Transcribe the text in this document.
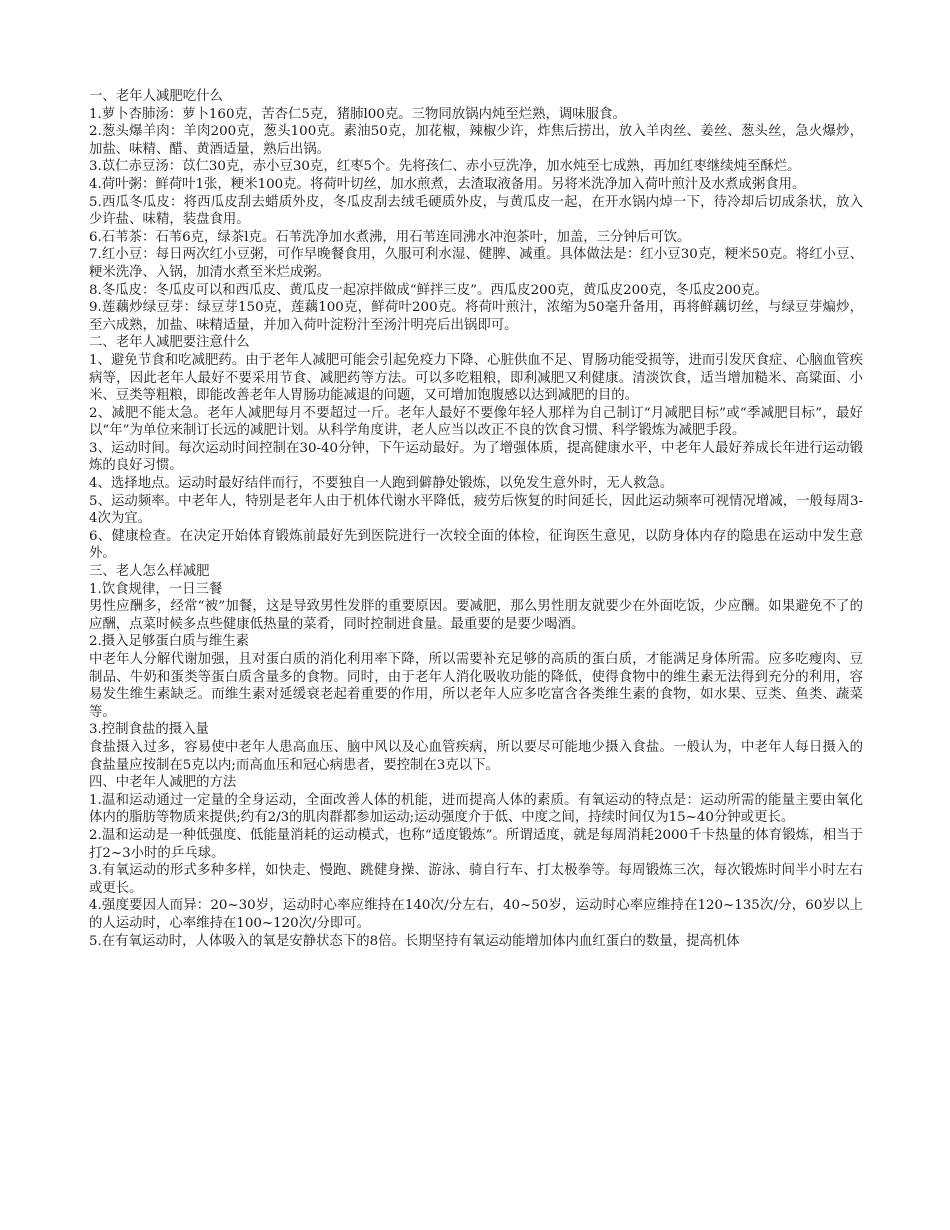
一、老年人减肥吃什么

1.萝卜杏肺汤：萝卜160克，苦杏仁5克，猪肺l00克。三物同放锅内炖至烂熟，调味服食。

2.葱头爆羊肉：羊肉200克，葱头100克。素油50克，加花椒，辣椒少许，炸焦后捞出，放入羊肉丝、姜丝、葱头丝，急火爆炒，加盐、味精、醋、黄酒适量，熟后出锅。

3.苡仁赤豆汤：苡仁30克，赤小豆30克，红枣5个。先将孩仁、赤小豆洗净，加水炖至七成熟，再加红枣继续炖至酥烂。

4.荷叶粥：鲜荷叶1张，粳米100克。将荷叶切丝，加水煎煮，去渣取液备用。另将米洗净加入荷叶煎汁及水煮成粥食用。

5.西瓜冬瓜皮：将西瓜皮刮去蜡质外皮，冬瓜皮刮去绒毛硬质外皮，与黄瓜皮一起，在开水锅内焯一下，待冷却后切成条状，放入少许盐、味精，装盘食用。

6.石苇茶：石苇6克，绿茶l克。石苇洗净加水煮沸，用石苇连同沸水冲泡茶叶，加盖，三分钟后可饮。

7.红小豆：每日两次红小豆粥，可作早晚餐食用，久服可利水湿、健脾、减重。具体做法是：红小豆30克，粳米50克。将红小豆、粳米洗净、入锅，加清水煮至米烂成粥。

8.冬瓜皮：冬瓜皮可以和西瓜皮、黄瓜皮一起凉拌做成“鲜拌三皮”。西瓜皮200克，黄瓜皮200克，冬瓜皮200克。

9.莲藕炒绿豆芽：绿豆芽150克，莲藕100克，鲜荷叶200克。将荷叶煎汁，浓缩为50毫升备用，再将鲜藕切丝，与绿豆芽煸炒，至六成熟，加盐、味精适量，并加入荷叶淀粉汁至汤汁明亮后出锅即可。

二、老年人减肥要注意什么

1、避免节食和吃减肥药。由于老年人减肥可能会引起免疫力下降、心脏供血不足、胃肠功能受损等，进而引发厌食症、心脑血管疾病等，因此老年人最好不要采用节食、减肥药等方法。可以多吃粗粮，即利减肥又利健康。清淡饮食，适当增加糙米、高粱面、小米、豆类等粗粮，即能改善老年人胃肠功能减退的问题，又可增加饱腹感以达到减肥的目的。

2、减肥不能太急。老年人减肥每月不要超过一斤。老年人最好不要像年轻人那样为自己制订“月减肥目标”或“季减肥目标”，最好以“年”为单位来制订长远的减肥计划。从科学角度讲，老人应当以改正不良的饮食习惯、科学锻炼为减肥手段。

3、运动时间。每次运动时间控制在30-40分钟，下午运动最好。为了增强体质，提高健康水平，中老年人最好养成长年进行运动锻炼的良好习惯。

4、选择地点。运动时最好结伴而行，不要独自一人跑到僻静处锻炼，以免发生意外时，无人救急。

5、运动频率。中老年人，特别是老年人由于机体代谢水平降低，疲劳后恢复的时间延长，因此运动频率可视情况增减，一般每周3-4次为宜。

6、健康检查。在决定开始体育锻炼前最好先到医院进行一次较全面的体检，征询医生意见，以防身体内存的隐患在运动中发生意外。

三、老人怎么样减肥

1.饮食规律，一日三餐

男性应酬多，经常“被”加餐，这是导致男性发胖的重要原因。要减肥，那么男性朋友就要少在外面吃饭，少应酬。如果避免不了的应酬，点菜时候多点些健康低热量的菜肴，同时控制进食量。最重要的是要少喝酒。

2.摄入足够蛋白质与维生素

中老年人分解代谢加强，且对蛋白质的消化利用率下降，所以需要补充足够的高质的蛋白质，才能满足身体所需。应多吃瘦肉、豆制品、牛奶和蛋类等蛋白质含量多的食物。同时，由于老年人消化吸收功能的降低，使得食物中的维生素无法得到充分的利用，容易发生维生素缺乏。而维生素对延缓衰老起着重要的作用，所以老年人应多吃富含各类维生素的食物，如水果、豆类、鱼类、蔬菜等。

3.控制食盐的摄入量

食盐摄入过多，容易使中老年人患高血压、脑中风以及心血管疾病，所以要尽可能地少摄入食盐。一般认为，中老年人每日摄入的食盐量应按制在5克以内;而高血压和冠心病患者，要控制在3克以下。

四、中老年人减肥的方法

1.温和运动通过一定量的全身运动，全面改善人体的机能，进而提高人体的素质。有氧运动的特点是：运动所需的能量主要由氧化体内的脂肪等物质来提供;约有2/3的肌肉群都参加运动;运动强度介于低、中度之间，持续时间仅为15~40分钟或更长。

2.温和运动是一种低强度、低能量消耗的运动模式，也称“适度锻炼”。所谓适度，就是每周消耗2000千卡热量的体育锻炼，相当于打2~3小时的乒乓球。

3.有氧运动的形式多种多样，如快走、慢跑、跳健身操、游泳、骑自行车、打太极拳等。每周锻炼三次，每次锻炼时间半小时左右或更长。

4.强度要因人而异：20~30岁，运动时心率应维持在140次/分左右，40~50岁，运动时心率应维持在120~135次/分，60岁以上的人运动时，心率维持在100~120次/分即可。

5.在有氧运动时，人体吸入的氧是安静状态下的8倍。长期坚持有氧运动能增加体内血红蛋白的数量，提高机体
